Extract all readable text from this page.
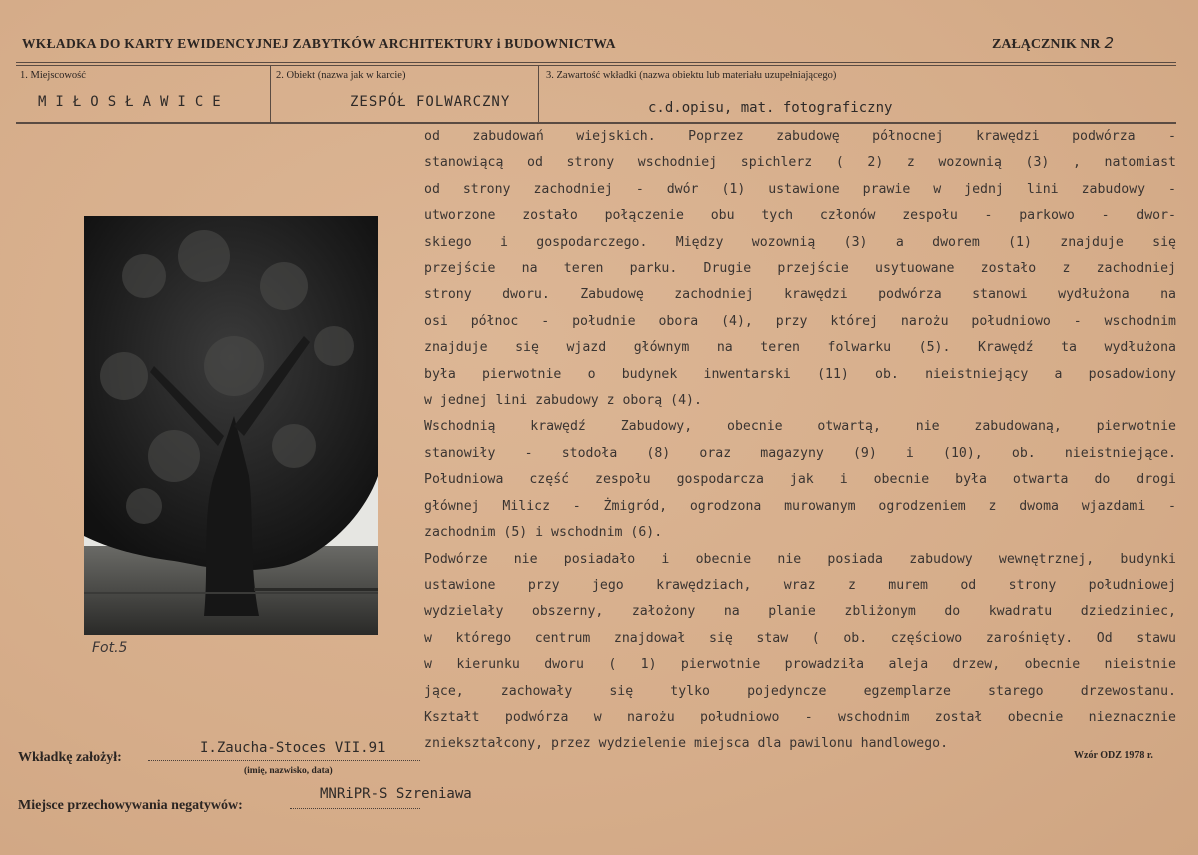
WKŁADKA DO KARTY EWIDENCYJNEJ ZABYTKÓW ARCHITEKTURY i BUDOWNICTWA	ZAŁĄCZNIK NR 2
1. Miejscowość	2. Obiekt (nazwa jak w karcie)	3. Zawartość wkładki (nazwa obiektu lub materiału uzupełniającego)
MIŁOSŁAWICE	ZESPÓŁ FOLWARCZNY	c.d.opisu, mat. fotograficzny
Fot.5
od zabudowań wiejskich. Poprzez zabudowę północnej krawędzi podwórza -
stanowiącą od strony wschodniej spichlerz ( 2) z wozownią (3) , natomiast
od strony zachodniej - dwór (1) ustawione prawie w jednj lini zabudowy -
utworzone zostało połączenie obu tych członów zespołu - parkowo - dwor-
skiego i gospodarczego. Między wozownią (3) a dworem (1) znajduje się
przejście na teren parku. Drugie przejście usytuowane zostało z zachodniej
strony dworu. Zabudowę zachodniej krawędzi podwórza stanowi wydłużona na
osi północ - południe obora (4), przy której narożu południowo - wschodnim
znajduje się wjazd głównym na teren folwarku (5). Krawędź ta wydłużona
była pierwotnie o budynek inwentarski (11) ob. nieistniejący a posadowiony
w jednej lini zabudowy z oborą (4).
Wschodnią krawędź Zabudowy, obecnie otwartą, nie zabudowaną, pierwotnie
stanowiły - stodoła (8) oraz magazyny (9) i (10), ob. nieistniejące.
Południowa część zespołu gospodarcza jak i obecnie była otwarta do drogi
głównej Milicz - Żmigród, ogrodzona murowanym ogrodzeniem z dwoma wjazdami -
zachodnim (5) i wschodnim (6).
Podwórze nie posiadało i obecnie nie posiada zabudowy wewnętrznej, budynki
ustawione przy jego krawędziach, wraz z murem od strony południowej
wydzielały obszerny, założony na planie zbliżonym do kwadratu dziedziniec,
w którego centrum znajdował się staw ( ob. częściowo zarośnięty. Od stawu
w kierunku dworu ( 1) pierwotnie prowadziła aleja drzew, obecnie nieistnie
jące, zachowały się tylko pojedyncze egzemplarze starego drzewostanu.
Kształt podwórza w narożu południowo - wschodnim został obecnie nieznacznie
zniekształcony, przez wydzielenie miejsca dla pawilonu handlowego.
Wkładkę założył:
I.Zaucha-Stoces VII.91
(imię, nazwisko, data)
Wzór ODZ 1978 r.
Miejsce przechowywania negatywów:
MNRiPR-S Szreniawa
